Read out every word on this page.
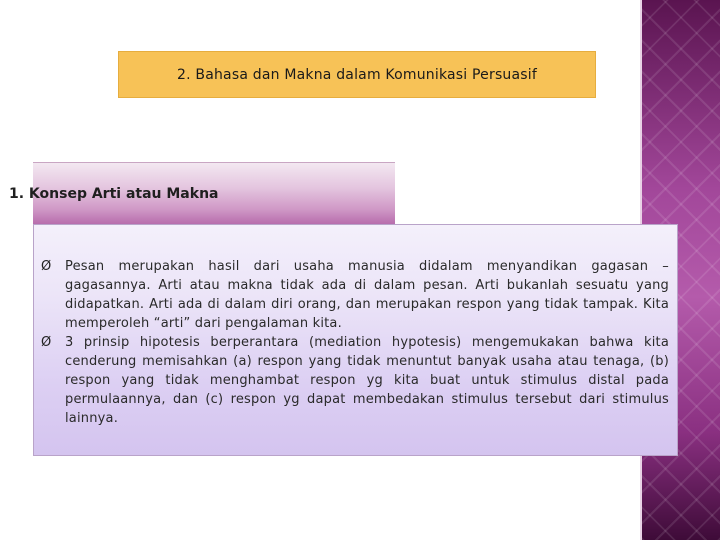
2. Bahasa dan Makna dalam Komunikasi Persuasif
1. Konsep Arti atau Makna
Ø Pesan merupakan hasil dari usaha manusia didalam menyandikan gagasan – gagasannya. Arti atau makna tidak ada di dalam pesan. Arti bukanlah sesuatu yang didapatkan. Arti ada di dalam diri orang, dan merupakan respon yang tidak tampak. Kita memperoleh “arti” dari pengalaman kita.
Ø 3 prinsip hipotesis berperantara (mediation hypotesis) mengemukakan bahwa kita cenderung memisahkan (a) respon yang tidak menuntut banyak usaha atau tenaga, (b) respon yang tidak menghambat respon yg kita buat untuk stimulus distal pada permulaannya, dan (c) respon yg dapat membedakan stimulus tersebut dari stimulus lainnya.
